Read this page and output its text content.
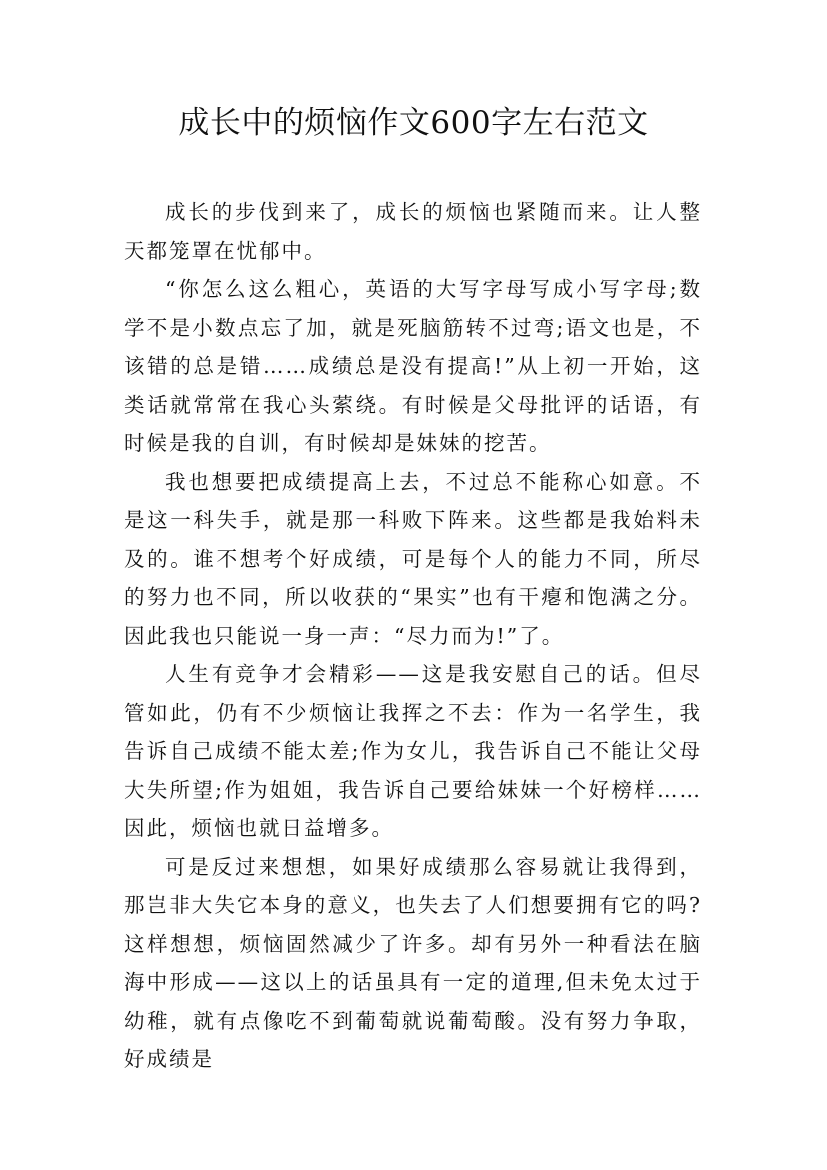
成长中的烦恼作文600字左右范文

成长的步伐到来了，成长的烦恼也紧随而来。让人整天都笼罩在忧郁中。

“你怎么这么粗心，英语的大写字母写成小写字母;数学不是小数点忘了加，就是死脑筋转不过弯;语文也是，不该错的总是错……成绩总是没有提高!”从上初一开始，这类话就常常在我心头萦绕。有时候是父母批评的话语，有时候是我的自训，有时候却是妹妹的挖苦。

我也想要把成绩提高上去，不过总不能称心如意。不是这一科失手，就是那一科败下阵来。这些都是我始料未及的。谁不想考个好成绩，可是每个人的能力不同，所尽的努力也不同，所以收获的“果实”也有干瘪和饱满之分。因此我也只能说一身一声：“尽力而为!”了。

人生有竞争才会精彩——这是我安慰自己的话。但尽管如此，仍有不少烦恼让我挥之不去：作为一名学生，我告诉自己成绩不能太差;作为女儿，我告诉自己不能让父母大失所望;作为姐姐，我告诉自己要给妹妹一个好榜样……因此，烦恼也就日益增多。

可是反过来想想，如果好成绩那么容易就让我得到，那岂非大失它本身的意义，也失去了人们想要拥有它的吗?这样想想，烦恼固然减少了许多。却有另外一种看法在脑海中形成——这以上的话虽具有一定的道理,但未免太过于幼稚，就有点像吃不到葡萄就说葡萄酸。没有努力争取，好成绩是
